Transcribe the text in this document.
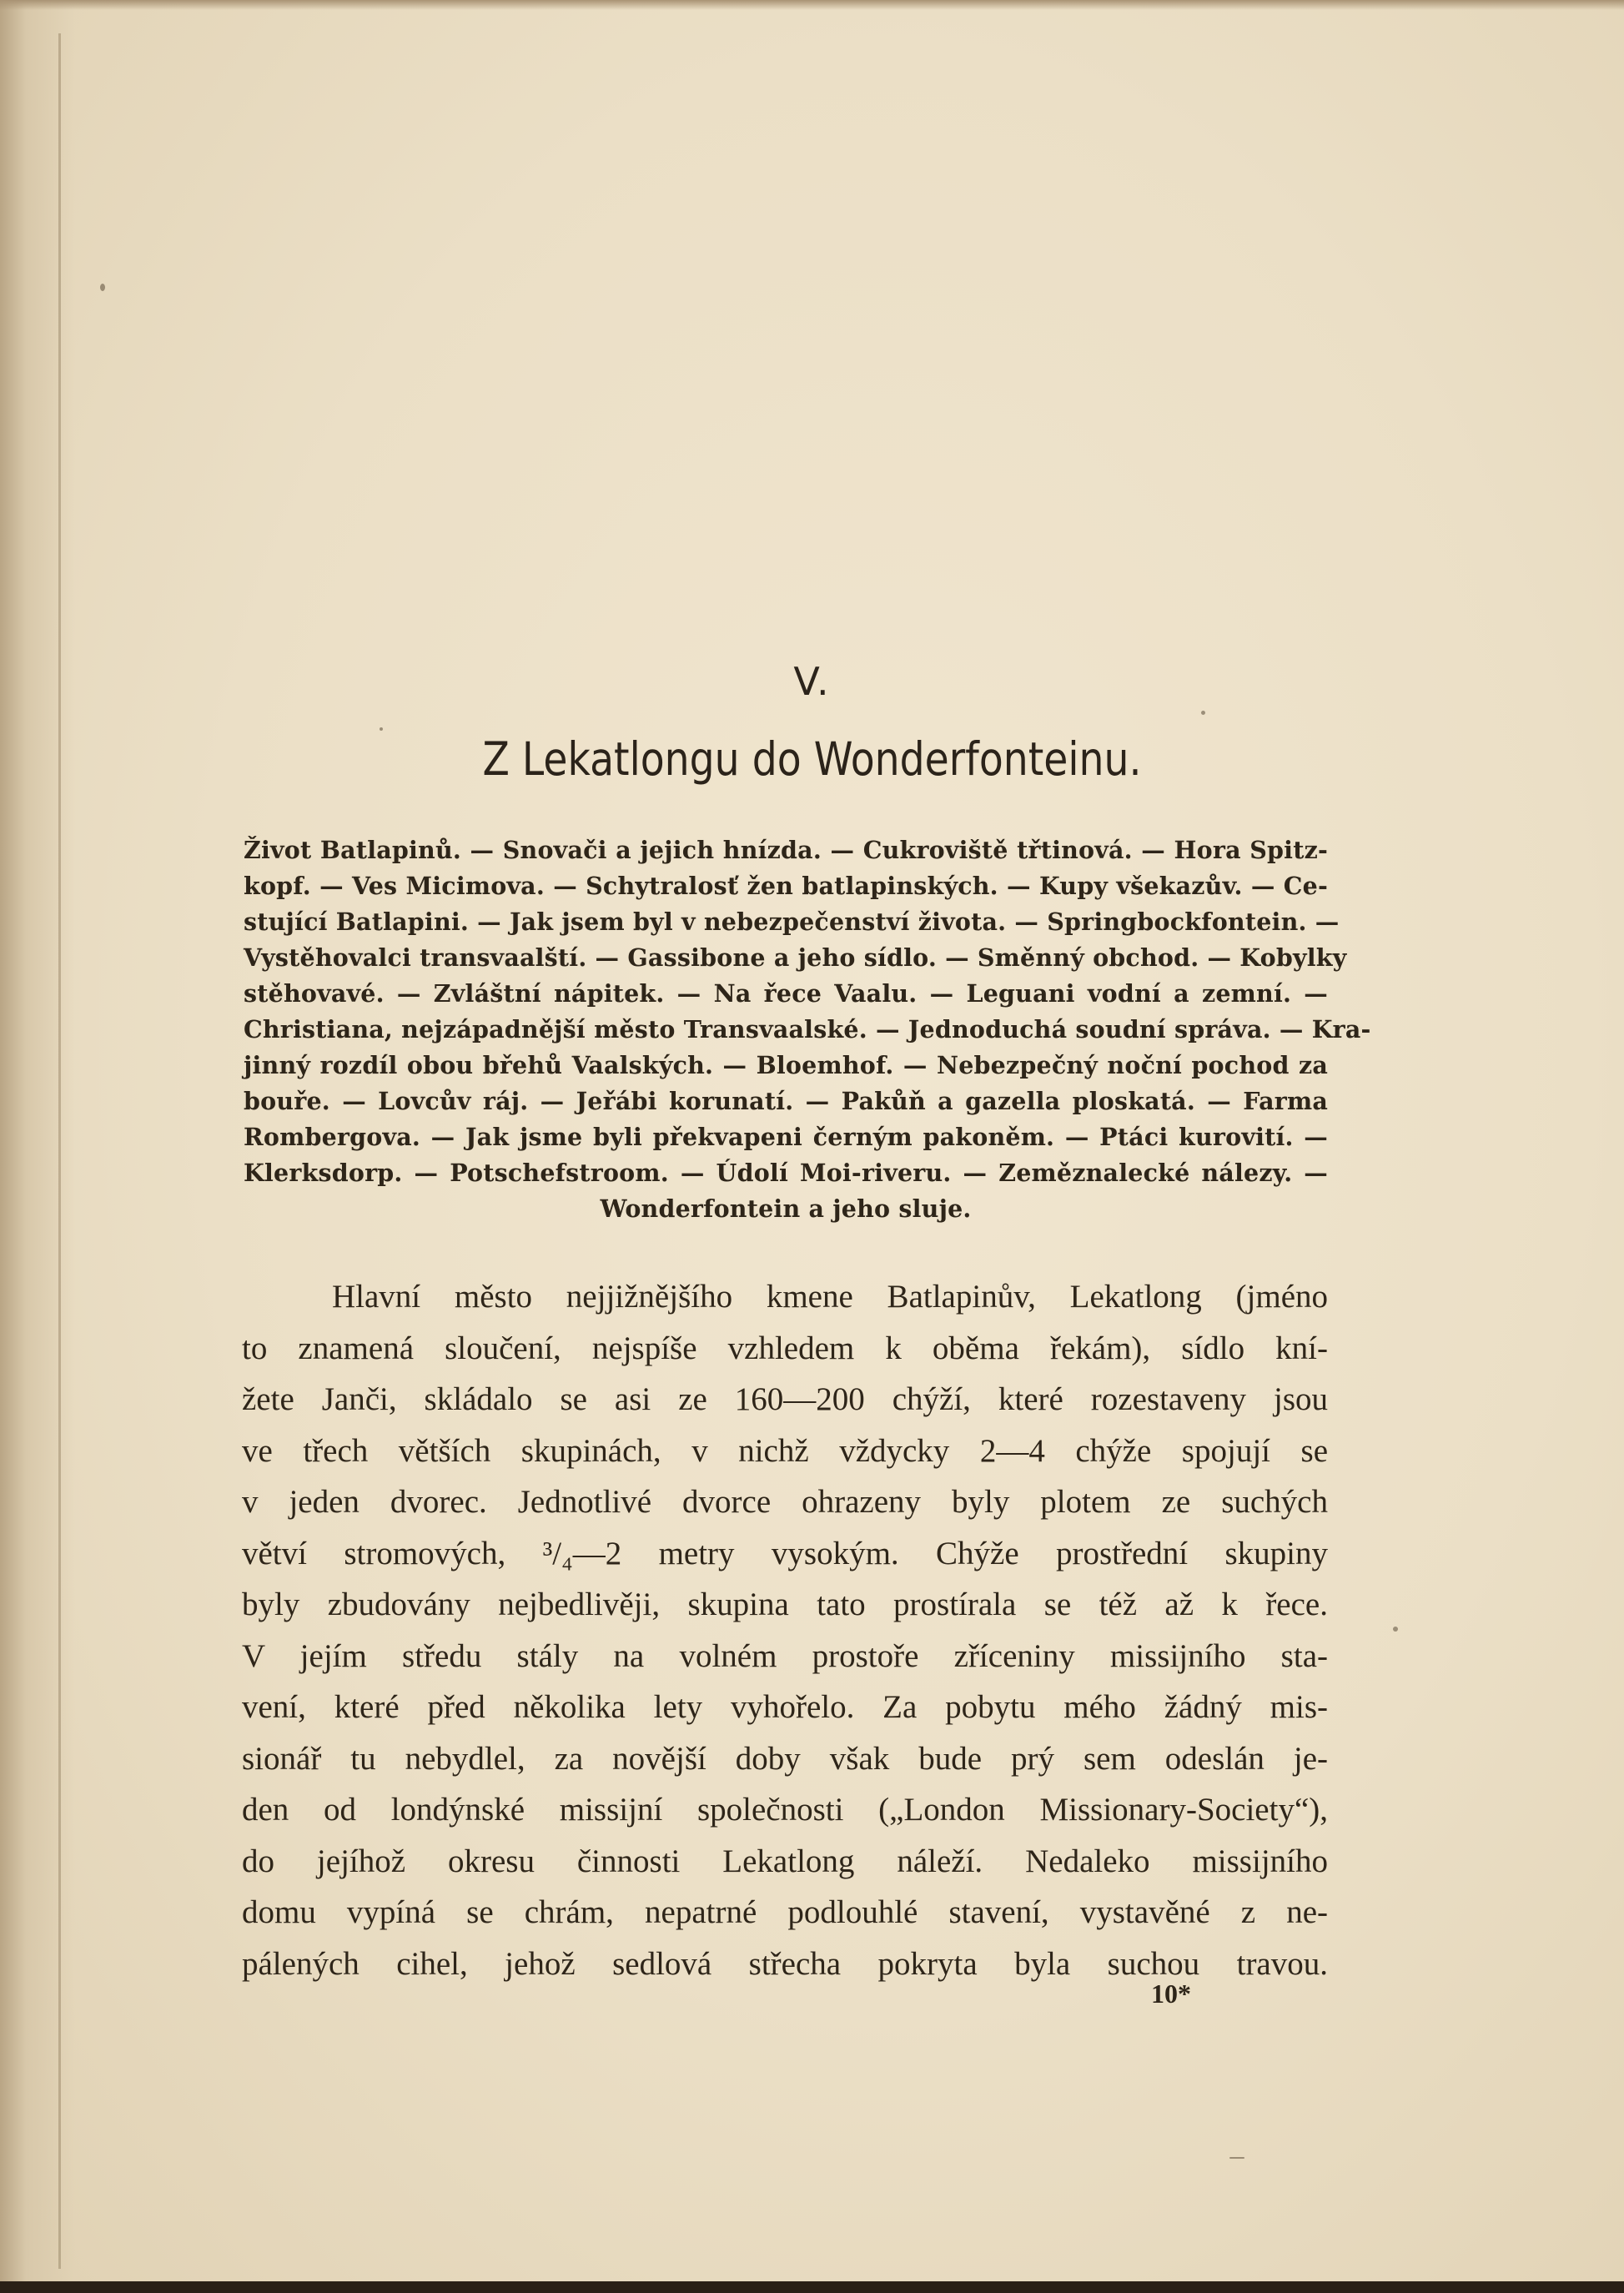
V.
Z Lekatlongu do Wonderfonteinu.
Život Batlapinů. — Snovači a jejich hnízda. — Cukroviště třtinová. — Hora Spitz-
kopf. — Ves Micimova. — Schytralosť žen batlapinských. — Kupy všekazův. — Ce-
stující Batlapini. — Jak jsem byl v nebezpečenství života. — Springbockfontein. —
Vystěhovalci transvaalští. — Gassibone a jeho sídlo. — Směnný obchod. — Kobylky
stěhovavé. — Zvláštní nápitek. — Na řece Vaalu. — Leguani vodní a zemní. —
Christiana, nejzápadnější město Transvaalské. — Jednoduchá soudní správa. — Kra-
jinný rozdíl obou břehů Vaalských. — Bloemhof. — Nebezpečný noční pochod za
bouře. — Lovcův ráj. — Jeřábi korunatí. — Pakůň a gazella ploskatá. — Farma
Rombergova. — Jak jsme byli překvapeni černým pakoněm. — Ptáci kurovití. —
Klerksdorp. — Potschefstroom. — Údolí Moi-riveru. — Zeměznalecké nálezy. —
Wonderfontein a jeho sluje.
Hlavní město nejjižnějšího kmene Batlapinův, Lekatlong (jméno
to znamená sloučení, nejspíše vzhledem k oběma řekám), sídlo kní-
žete Janči, skládalo se asi ze 160—200 chýží, které rozestaveny jsou
ve třech větších skupinách, v nichž vždycky 2—4 chýže spojují se
v jeden dvorec. Jednotlivé dvorce ohrazeny byly plotem ze suchých
větví stromových, ³/₄—2 metry vysokým. Chýže prostřední skupiny
byly zbudovány nejbedlivěji, skupina tato prostírala se též až k řece.
V jejím středu stály na volném prostoře zříceniny missijního sta-
vení, které před několika lety vyhořelo. Za pobytu mého žádný mis-
sionář tu nebydlel, za novější doby však bude prý sem odeslán je-
den od londýnské missijní společnosti („London Missionary-Society“),
do jejíhož okresu činnosti Lekatlong náleží. Nedaleko missijního
domu vypíná se chrám, nepatrné podlouhlé stavení, vystavěné z ne-
pálených cihel, jehož sedlová střecha pokryta byla suchou travou.
10*
